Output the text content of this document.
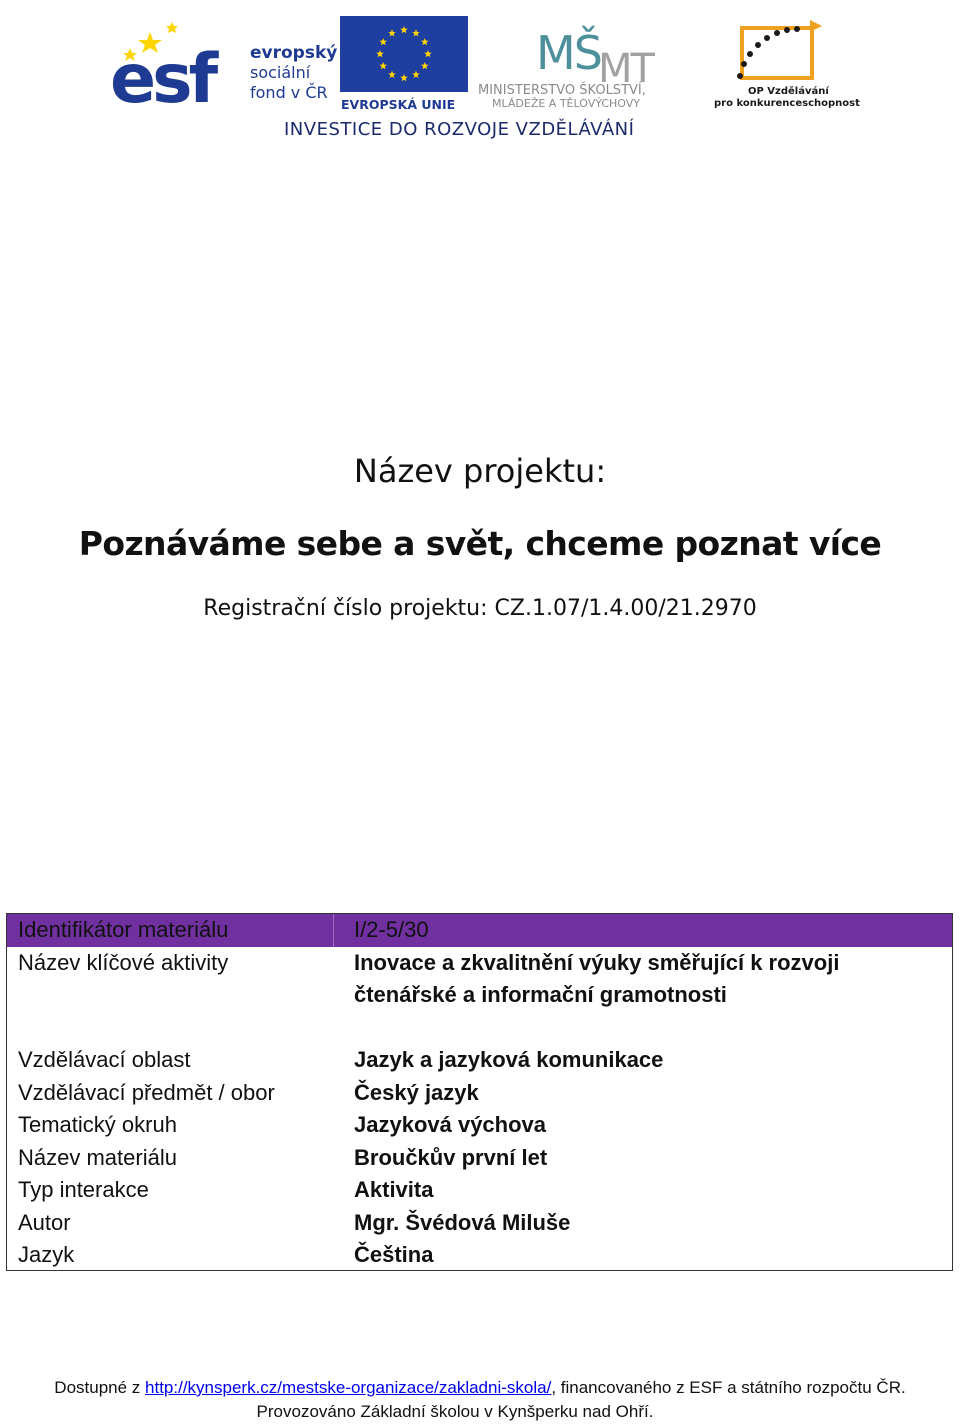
esf	evropský
sociální
fond v ČR
EVROPSKÁ UNIE
MŠ
MT
MINISTERSTVO ŠKOLSTVÍ,
MLÁDEŽE A TĚLOVÝCHOVY
OP Vzdělávání
pro konkurenceschopnost
INVESTICE DO ROZVOJE VZDĚLÁVÁNÍ
Název projektu:
Poznáváme sebe a svět, chceme poznat více
Registrační číslo projektu: CZ.1.07/1.4.00/21.2970
Identifikátor materiálu	I/2-5/30
Název klíčové aktivity	Inovace a zkvalitnění výuky směřující k rozvoji
čtenářské a informační gramotnosti
Vzdělávací oblast	Jazyk a jazyková komunikace
Vzdělávací předmět / obor	Český jazyk
Tematický okruh	Jazyková výchova
Název materiálu	Broučkův první let
Typ interakce	Aktivita
Autor	Mgr. Švédová Miluše
Jazyk	Čeština
Dostupné z http://kynsperk.cz/mestske-organizace/zakladni-skola/, financovaného z ESF a státního rozpočtu ČR.
Provozováno Základní školou v Kynšperku nad Ohří.
